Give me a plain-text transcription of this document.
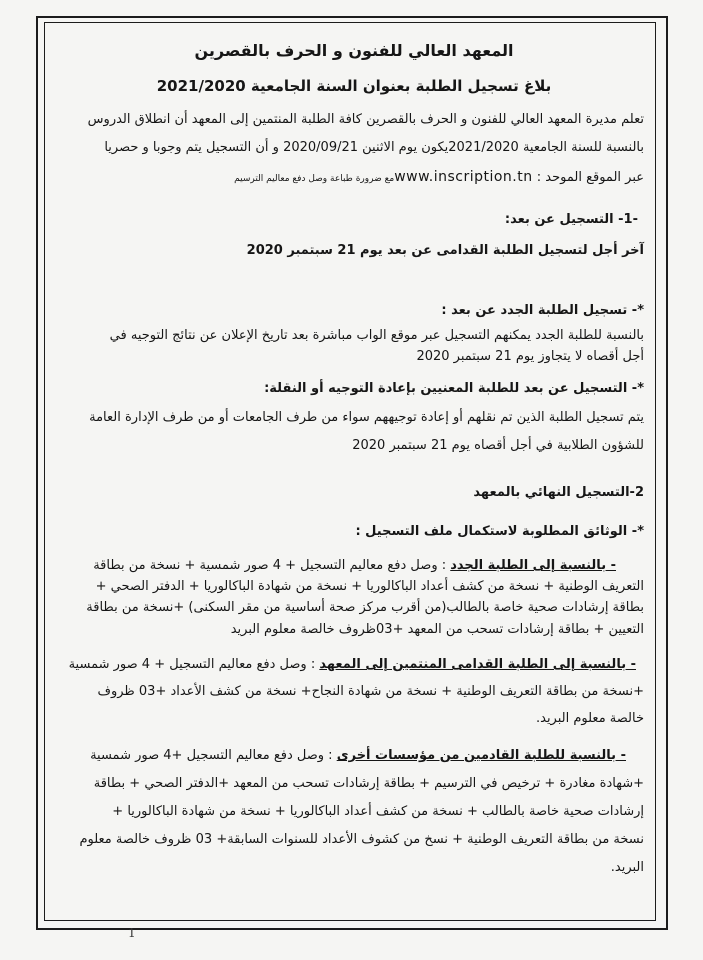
المعهد العالي للفنون و الحرف بالقصرين

بلاغ تسجيل الطلبة بعنوان السنة الجامعية 2021/2020

تعلم مديرة المعهد العالي للفنون و الحرف بالقصرين كافة الطلبة المنتمين إلى المعهد أن انطلاق الدروس

بالنسبة للسنة الجامعية 2021/2020يكون يوم الاثنين 2020/09/21 و أن التسجيل يتم وجوبا و حصريا

عبر الموقع الموحد : www.inscription.tnمع ضرورة طباعة وصل دفع معاليم الترسيم

-1- التسجيل عن بعد:

آخر أجل لتسجيل الطلبة القدامى عن بعد يوم 21 سبتمبر 2020

*- تسجيل الطلبة الجدد عن بعد :

بالنسبة للطلبة الجدد يمكنهم التسجيل عبر موقع الواب مباشرة بعد تاريخ الإعلان عن نتائج التوجيه في

أجل أقصاه لا يتجاوز يوم 21 سبتمبر 2020

*- التسجيل عن بعد للطلبة المعنيين بإعادة التوجيه أو النقلة:

يتم تسجيل الطلبة الذين تم نقلهم أو إعادة توجيههم سواء من طرف الجامعات أو من طرف الإدارة العامة

للشؤون الطلابية في أجل أقصاه يوم 21 سبتمبر 2020

2-التسجيل النهائي بالمعهد

*- الوثائق المطلوبة لاستكمال ملف التسجيل :

- بالنسبة إلى الطلبة الجدد : وصل دفع معاليم التسجيل + 4 صور شمسية + نسخة من بطاقة

التعريف الوطنية + نسخة من كشف أعداد الباكالوريا + نسخة من شهادة الباكالوريا + الدفتر الصحي +

بطاقة إرشادات صحية خاصة بالطالب(من أقرب مركز صحة أساسية من مقر السكنى) +نسخة من بطاقة

التعيين + بطاقة إرشادات تسحب من المعهد +03ظروف خالصة معلوم البريد

- بالنسبة إلى الطلبة القدامى المنتمين إلى المعهد : وصل دفع معاليم التسجيل + 4 صور شمسية

+نسخة من بطاقة التعريف الوطنية + نسخة من شهادة النجاح+ نسخة من كشف الأعداد +03 ظروف

خالصة معلوم البريد.

- بالنسبة للطلبة القادمين من مؤسسات أخرى : وصل دفع معاليم التسجيل +4 صور شمسية

+شهادة مغادرة + ترخيص في الترسيم + بطاقة إرشادات تسحب من المعهد +الدفتر الصحي + بطاقة

إرشادات صحية خاصة بالطالب + نسخة من كشف أعداد الباكالوريا + نسخة من شهادة الباكالوريا +

نسخة من بطاقة التعريف الوطنية + نسخ من كشوف الأعداد للسنوات السابقة+ 03 ظروف خالصة معلوم

البريد.

1
